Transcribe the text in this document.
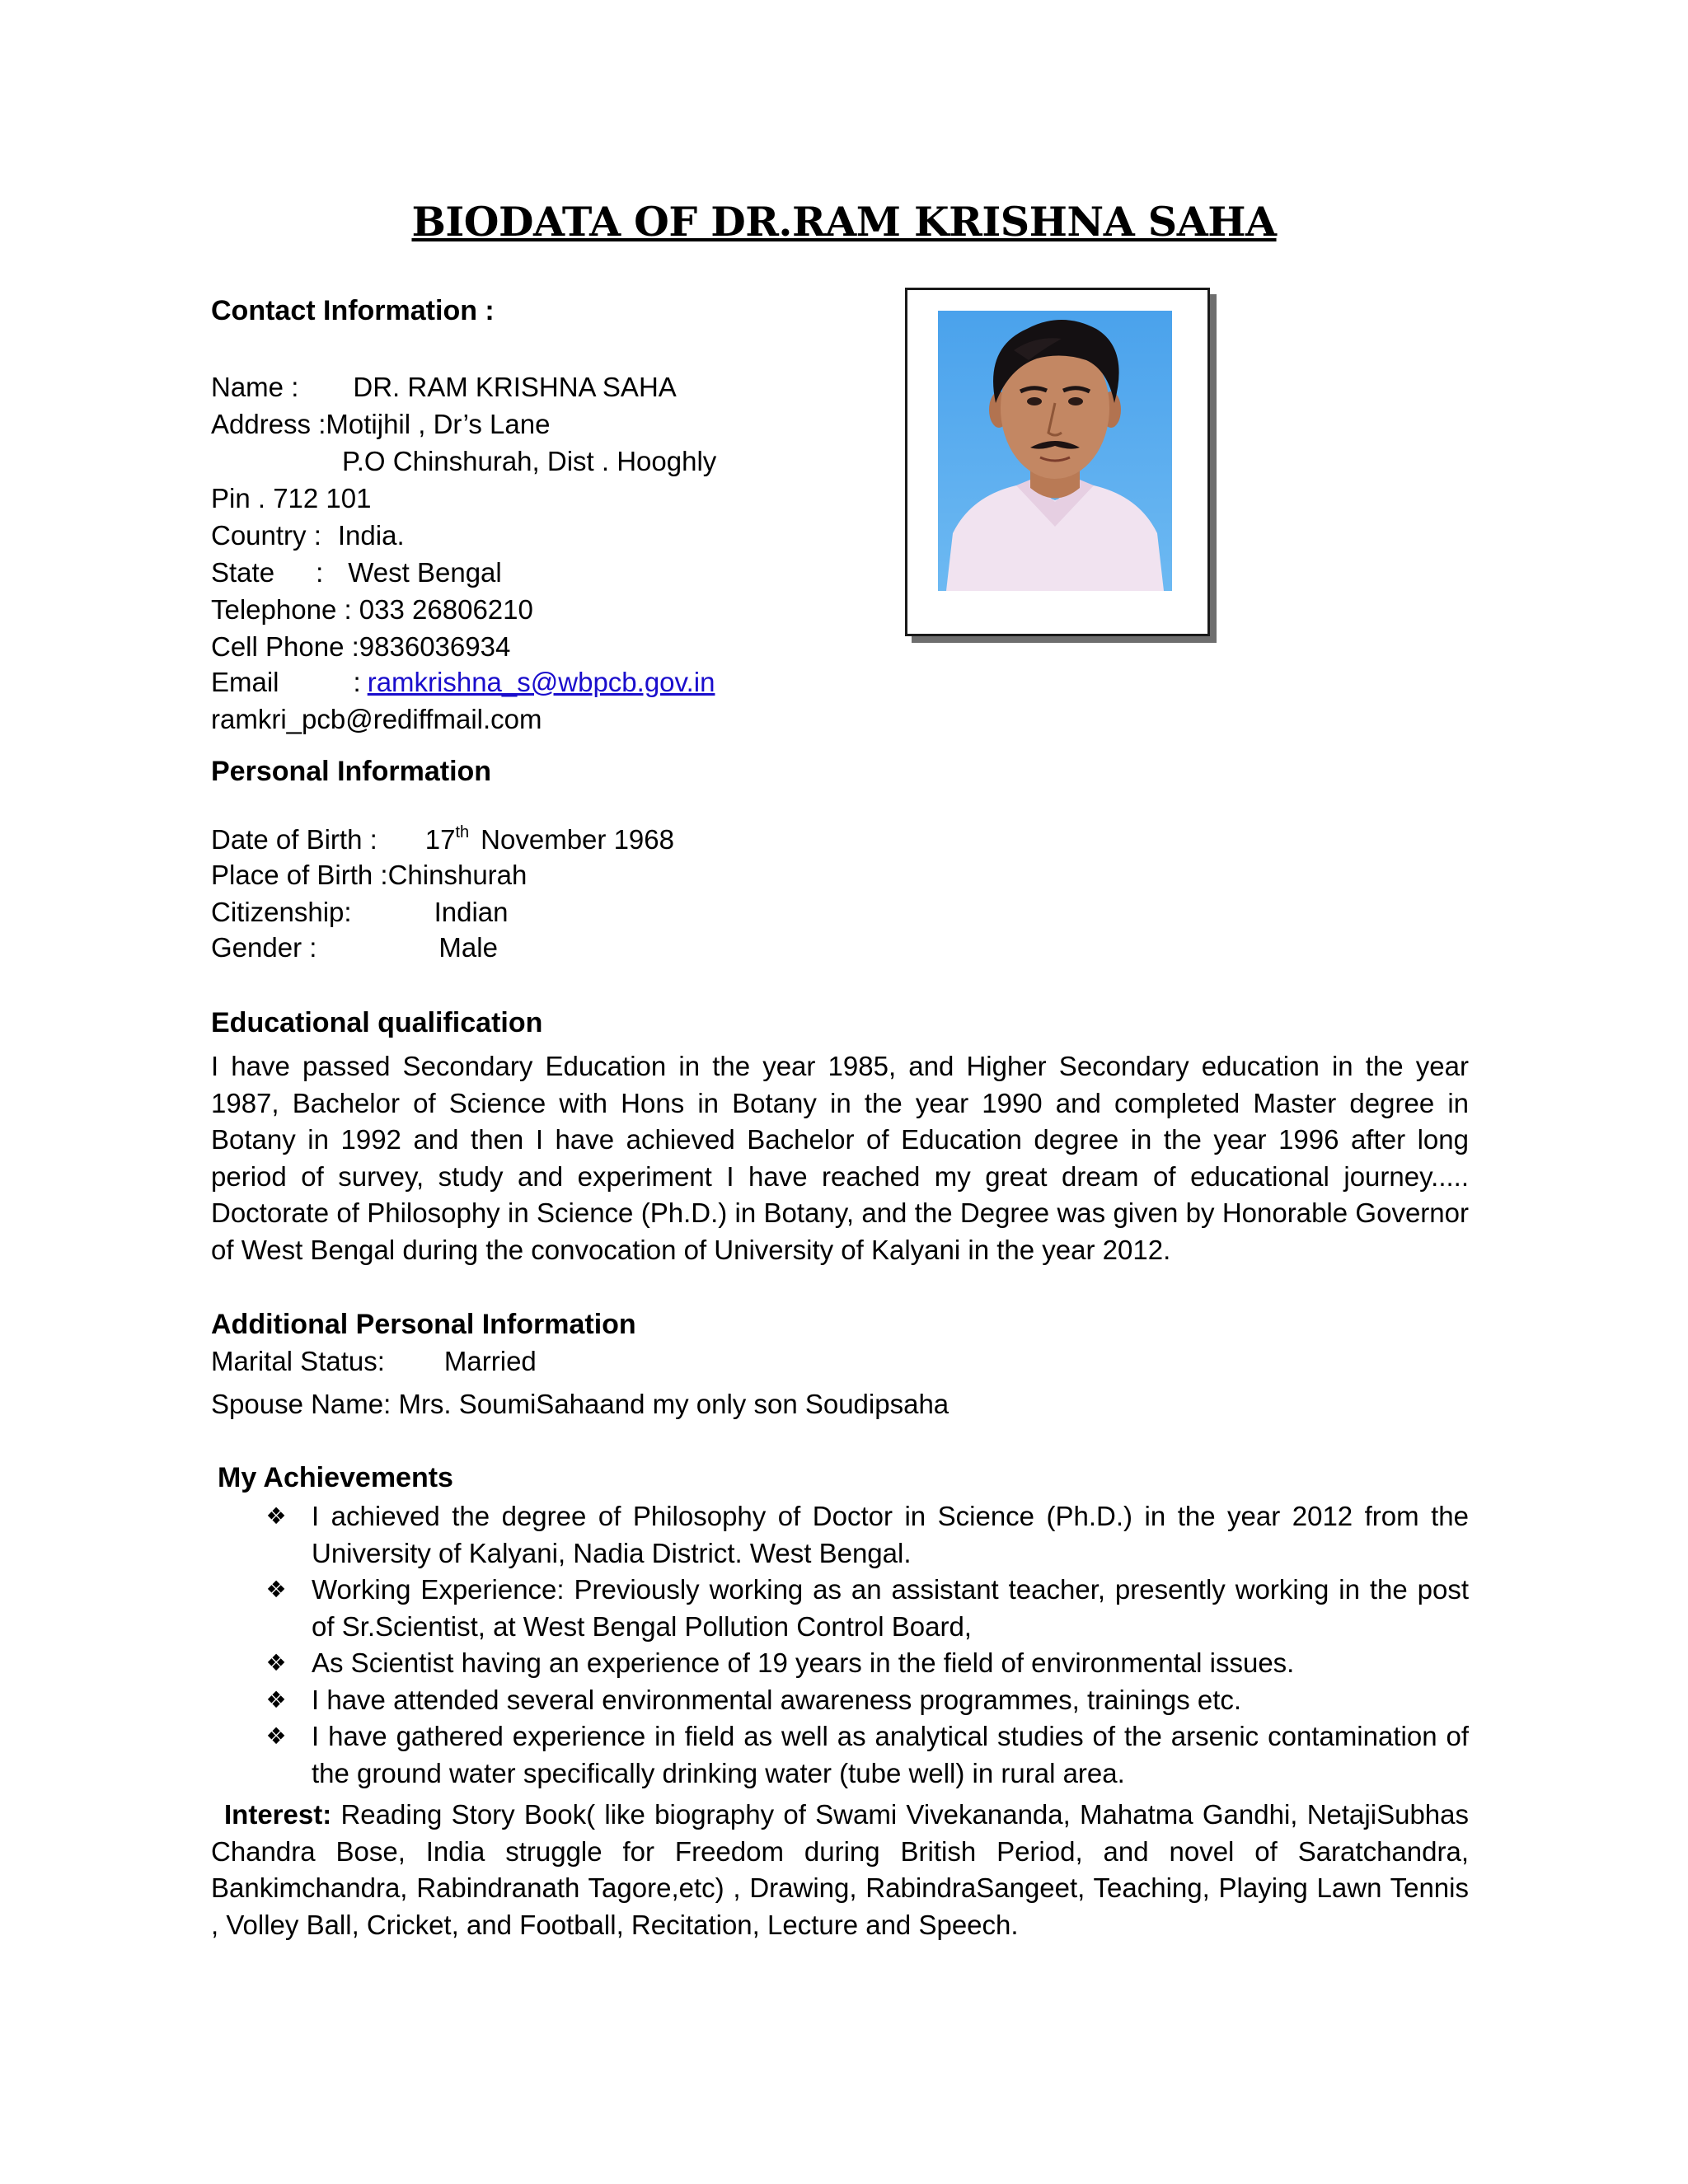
BIODATA OF DR.RAM KRISHNA SAHA
Contact Information :
Name : DR. RAM KRISHNA SAHA
Address :Motijhil , Dr’s Lane
P.O Chinshurah, Dist . Hooghly
Pin . 712 101
Country : India.
State : West Bengal
Telephone : 033 26806210
Cell Phone :9836036934
Email	: ramkrishna_s@wbpcb.gov.in
ramkri_pcb@rediffmail.com
Personal Information
Date of Birth : 17th November 1968
Place of Birth :Chinshurah
Citizenship:	Indian
Gender :	Male
Educational qualification
I have passed Secondary Education in the year 1985, and Higher Secondary education in the year 1987, Bachelor of Science with Hons in Botany in the year 1990 and completed Master degree in Botany in 1992 and then I have achieved Bachelor of Education degree in the year 1996 after long period of survey, study and experiment I have reached my great dream of educational journey..... Doctorate of Philosophy in Science (Ph.D.) in Botany, and the Degree was given by Honorable Governor of West Bengal during the convocation of University of Kalyani in the year 2012.
Additional Personal Information
Marital Status: Married
Spouse Name: Mrs. SoumiSahaand my only son Soudipsaha
My Achievements
❖ I achieved the degree of Philosophy of Doctor in Science (Ph.D.) in the year 2012 from the University of Kalyani, Nadia District. West Bengal.
❖ Working Experience: Previously working as an assistant teacher, presently working in the post of Sr.Scientist, at West Bengal Pollution Control Board,
❖ As Scientist having an experience of 19 years in the field of environmental issues.
❖ I have attended several environmental awareness programmes, trainings etc.
❖ I have gathered experience in field as well as analytical studies of the arsenic contamination of the ground water specifically drinking water (tube well) in rural area.
Interest: Reading Story Book( like biography of Swami Vivekananda, Mahatma Gandhi, NetajiSubhas Chandra Bose, India struggle for Freedom during British Period, and novel of Saratchandra, Bankimchandra, Rabindranath Tagore,etc) , Drawing, RabindraSangeet, Teaching, Playing Lawn Tennis , Volley Ball, Cricket, and Football, Recitation, Lecture and Speech.
